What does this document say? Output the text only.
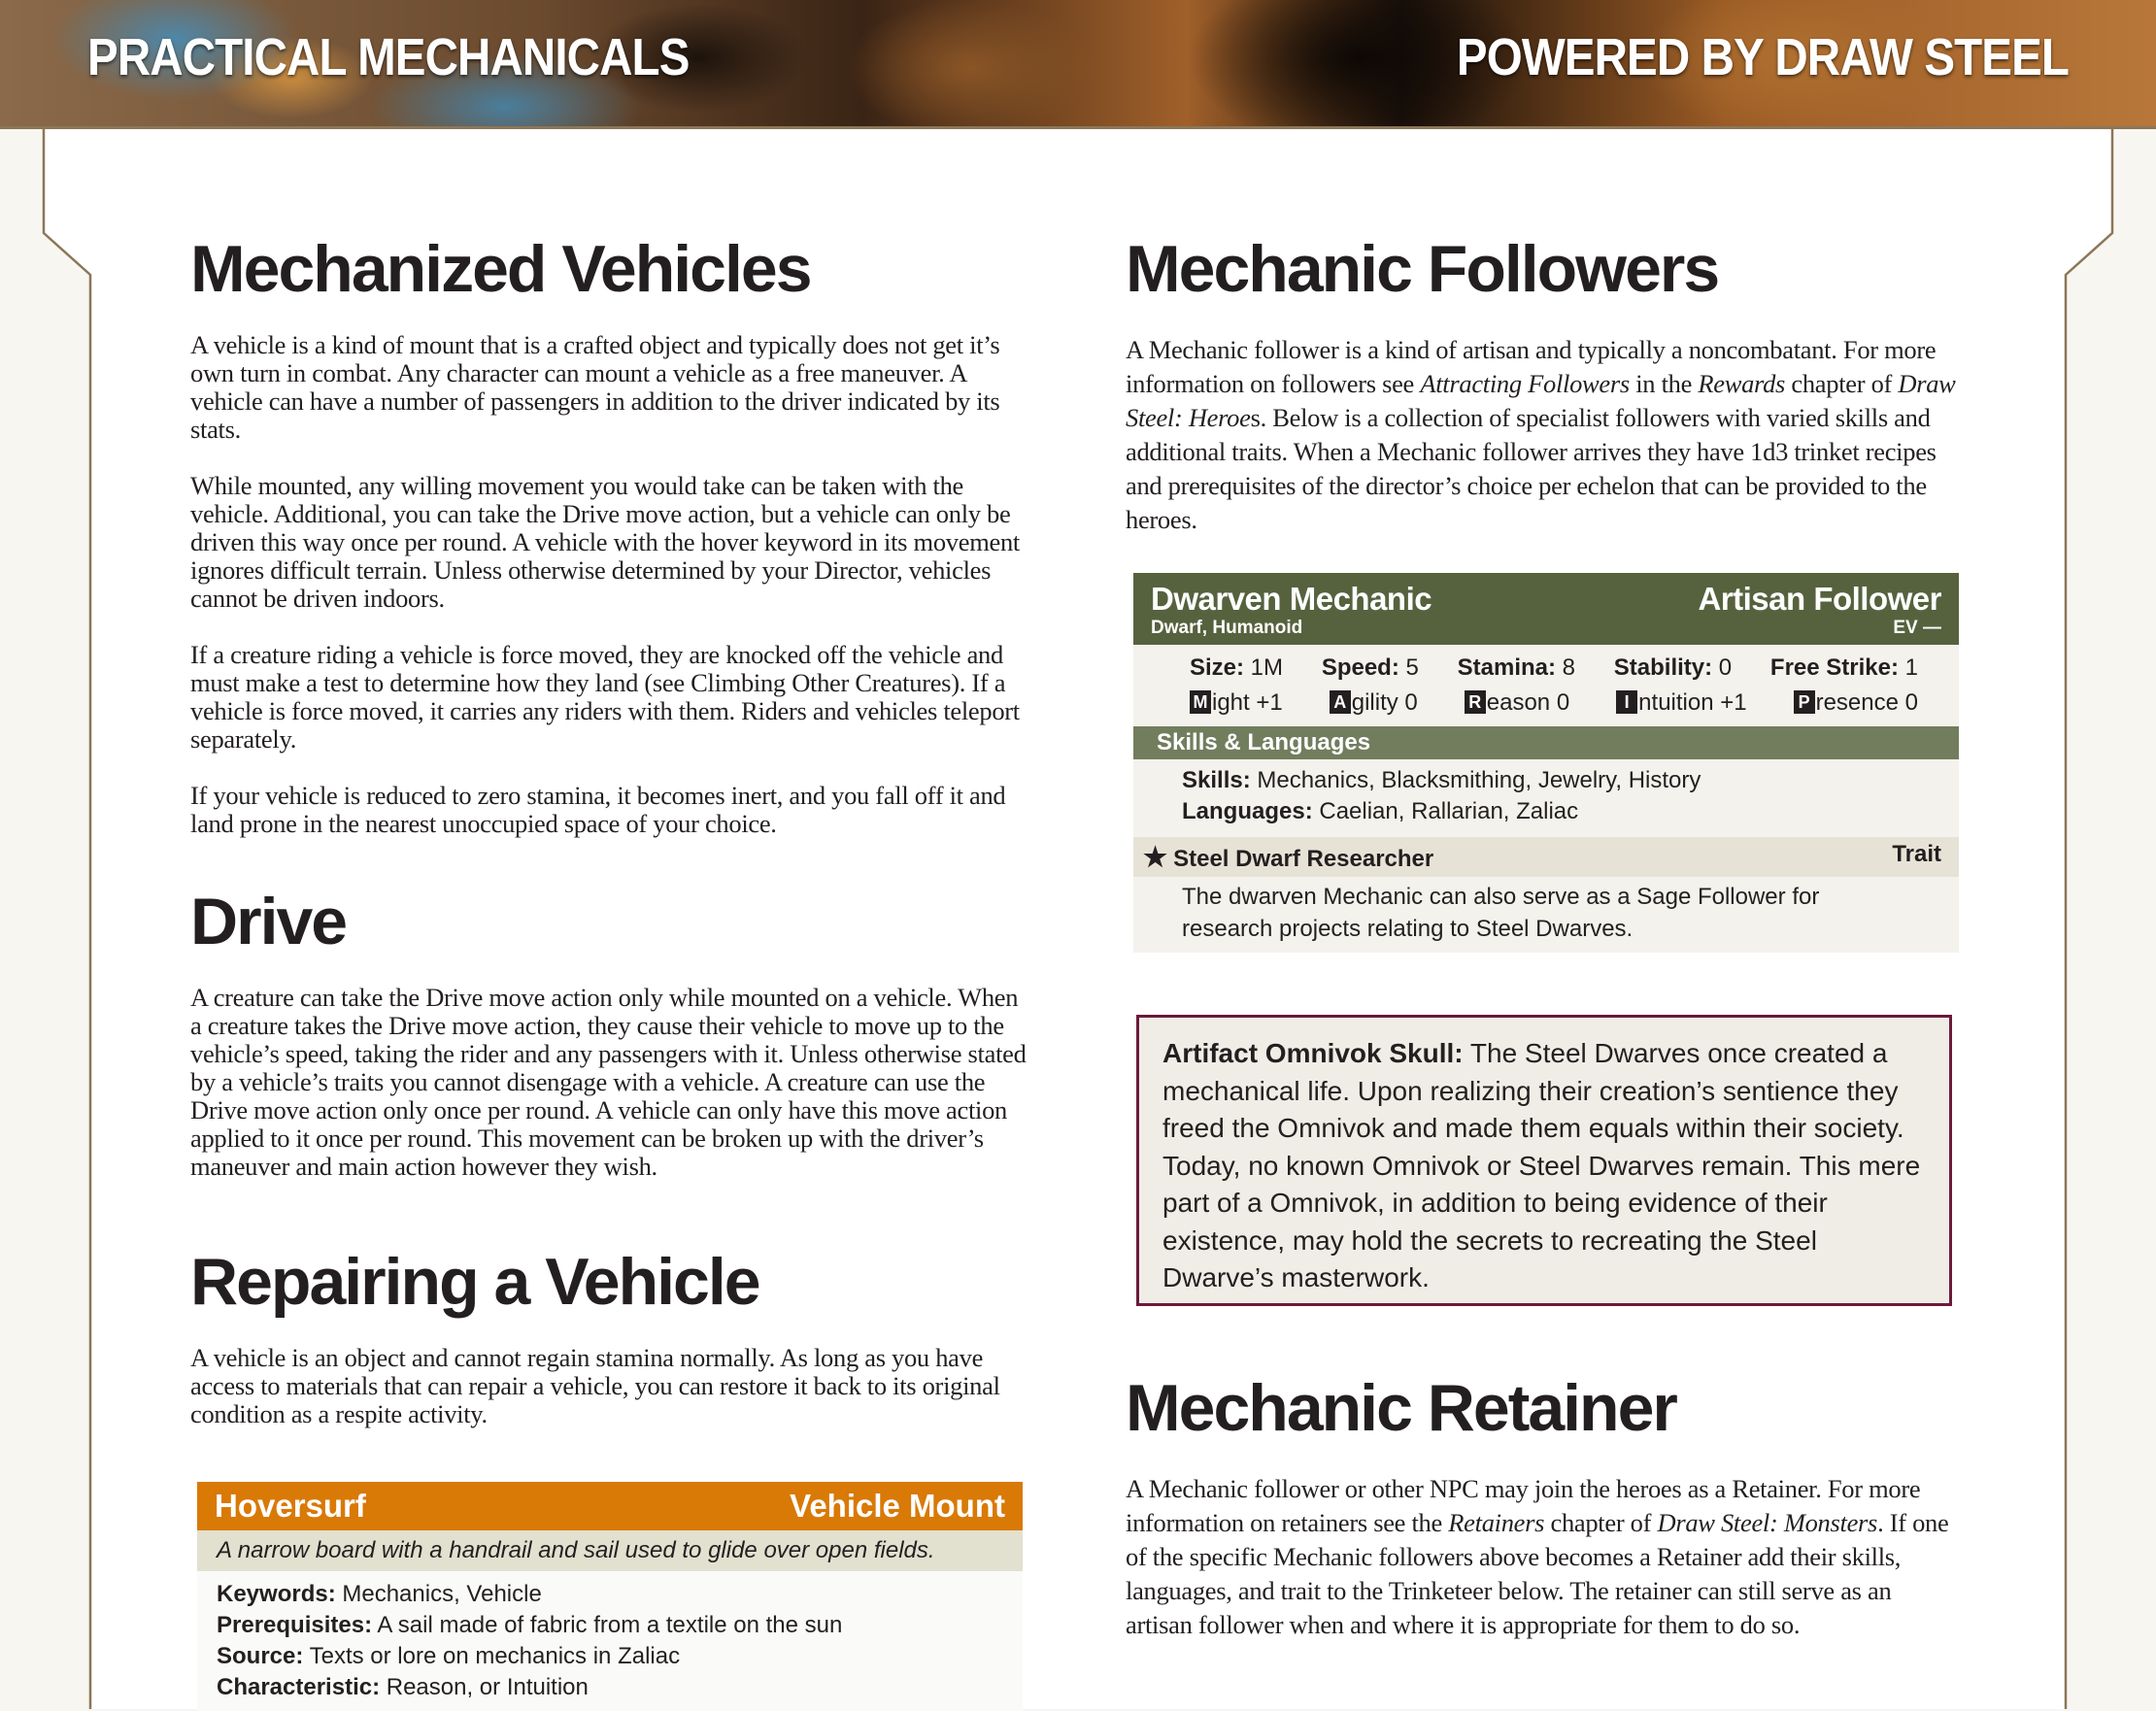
PRACTICAL MECHANICALS	POWERED BY DRAW STEEL
Mechanized Vehicles

A vehicle is a kind of mount that is a crafted object and typically does not get it’s own turn in combat. Any character can mount a vehicle as a free maneuver. A vehicle can have a number of passengers in addition to the driver indicated by its stats.

While mounted, any willing movement you would take can be taken with the vehicle. Additional, you can take the Drive move action, but a vehicle can only be driven this way once per round. A vehicle with the hover keyword in its movement ignores difficult terrain. Unless otherwise determined by your Director, vehicles cannot be driven indoors.

If a creature riding a vehicle is force moved, they are knocked off the vehicle and must make a test to determine how they land (see Climbing Other Creatures). If a vehicle is force moved, it carries any riders with them. Riders and vehicles teleport separately.

If your vehicle is reduced to zero stamina, it becomes inert, and you fall off it and land prone in the nearest unoccupied space of your choice.

Drive

A creature can take the Drive move action only while mounted on a vehicle. When a creature takes the Drive move action, they cause their vehicle to move up to the vehicle’s speed, taking the rider and any passengers with it. Unless otherwise stated by a vehicle’s traits you cannot disengage with a vehicle. A creature can use the Drive move action only once per round. A vehicle can only have this move action applied to it once per round. This movement can be broken up with the driver’s maneuver and main action however they wish.

Repairing a Vehicle

A vehicle is an object and cannot regain stamina normally. As long as you have access to materials that can repair a vehicle, you can restore it back to its original condition as a respite activity.

Hoversurf	Vehicle Mount
A narrow board with a handrail and sail used to glide over open fields.
Keywords: Mechanics, Vehicle
Prerequisites: A sail made of fabric from a textile on the sun
Source: Texts or lore on mechanics in Zaliac
Characteristic: Reason, or Intuition
Mechanic Followers

A Mechanic follower is a kind of artisan and typically a noncombatant. For more information on followers see Attracting Followers in the Rewards chapter of Draw Steel: Heroes. Below is a collection of specialist followers with varied skills and additional traits. When a Mechanic follower arrives they have 1d3 trinket recipes and prerequisites of the director’s choice per echelon that can be provided to the heroes.

Dwarven Mechanic	Artisan Follower
Dwarf, Humanoid	EV —
Size: 1M Speed: 5 Stamina: 8 Stability: 0 Free Strike: 1
M ight +1	A gility 0	R eason 0	I ntuition +1	P resence 0
Skills & Languages
Skills: Mechanics, Blacksmithing, Jewelry, History
Languages: Caelian, Rallarian, Zaliac
★ Steel Dwarf Researcher	Trait
The dwarven Mechanic can also serve as a Sage Follower for research projects relating to Steel Dwarves.
Artifact Omnivok Skull: The Steel Dwarves once created a mechanical life. Upon realizing their creation’s sentience they freed the Omnivok and made them equals within their society. Today, no known Omnivok or Steel Dwarves remain. This mere part of a Omnivok, in addition to being evidence of their existence, may hold the secrets to recreating the Steel Dwarve’s masterwork.
Mechanic Retainer

A Mechanic follower or other NPC may join the heroes as a Retainer. For more information on retainers see the Retainers chapter of Draw Steel: Monsters. If one of the specific Mechanic followers above becomes a Retainer add their skills, languages, and trait to the Trinketeer below. The retainer can still serve as an artisan follower when and where it is appropriate for them to do so.
